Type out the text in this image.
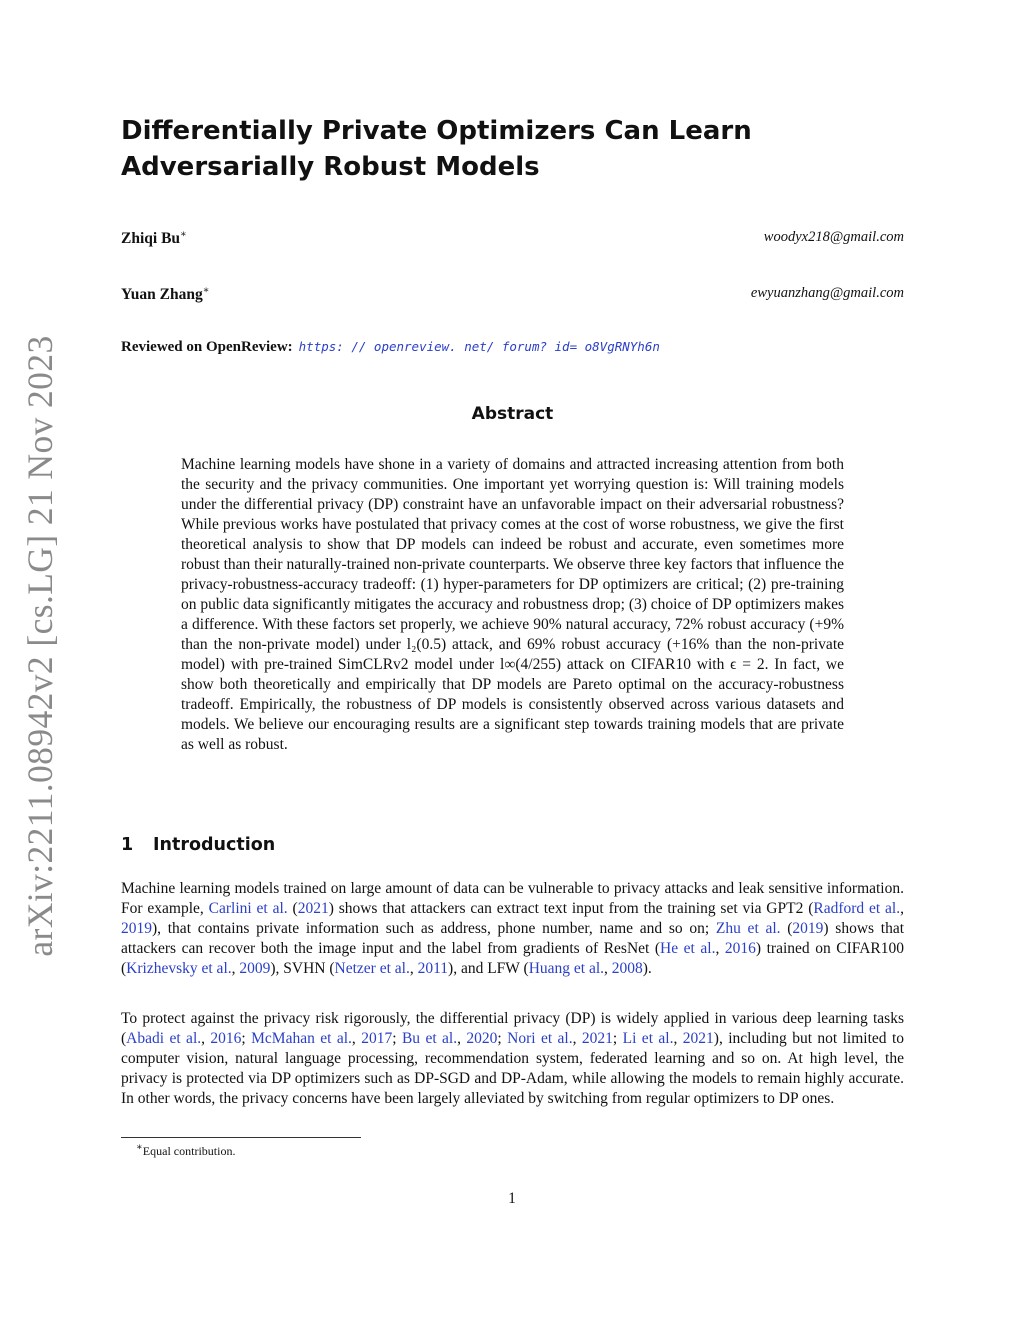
arXiv:2211.08942v2 [cs.LG] 21 Nov 2023
Differentially Private Optimizers Can Learn Adversarially Robust Models
Zhiqi Bu∗	woodyx218@gmail.com
Yuan Zhang∗	ewyuanzhang@gmail.com
Reviewed on OpenReview: https: // openreview. net/ forum? id= o8VgRNYh6n
Abstract

Machine learning models have shone in a variety of domains and attracted increasing attention from both the security and the privacy communities. One important yet worrying question is: Will training models under the differential privacy (DP) constraint have an unfavorable impact on their adversarial robustness? While previous works have postulated that privacy comes at the cost of worse robustness, we give the first theoretical analysis to show that DP models can indeed be robust and accurate, even sometimes more robust than their naturally-trained non-private counterparts. We observe three key factors that influence the privacy-robustness-accuracy tradeoff: (1) hyper-parameters for DP optimizers are critical; (2) pre-training on public data significantly mitigates the accuracy and robustness drop; (3) choice of DP optimizers makes a difference. With these factors set properly, we achieve 90% natural accuracy, 72% robust accuracy (+9% than the non-private model) under l₂(0.5) attack, and 69% robust accuracy (+16% than the non-private model) with pre-trained SimCLRv2 model under l∞(4/255) attack on CIFAR10 with ϵ = 2. In fact, we show both theoretically and empirically that DP models are Pareto optimal on the accuracy-robustness tradeoff. Empirically, the robustness of DP models is consistently observed across various datasets and models. We believe our encouraging results are a significant step towards training models that are private as well as robust.

1 Introduction

Machine learning models trained on large amount of data can be vulnerable to privacy attacks and leak sensitive information. For example, Carlini et al. (2021) shows that attackers can extract text input from the training set via GPT2 (Radford et al., 2019), that contains private information such as address, phone number, name and so on; Zhu et al. (2019) shows that attackers can recover both the image input and the label from gradients of ResNet (He et al., 2016) trained on CIFAR100 (Krizhevsky et al., 2009), SVHN (Netzer et al., 2011), and LFW (Huang et al., 2008).

To protect against the privacy risk rigorously, the differential privacy (DP) is widely applied in various deep learning tasks (Abadi et al., 2016; McMahan et al., 2017; Bu et al., 2020; Nori et al., 2021; Li et al., 2021), including but not limited to computer vision, natural language processing, recommendation system, federated learning and so on. At high level, the privacy is protected via DP optimizers such as DP-SGD and DP-Adam, while allowing the models to remain highly accurate. In other words, the privacy concerns have been largely alleviated by switching from regular optimizers to DP ones.

∗Equal contribution.
1
